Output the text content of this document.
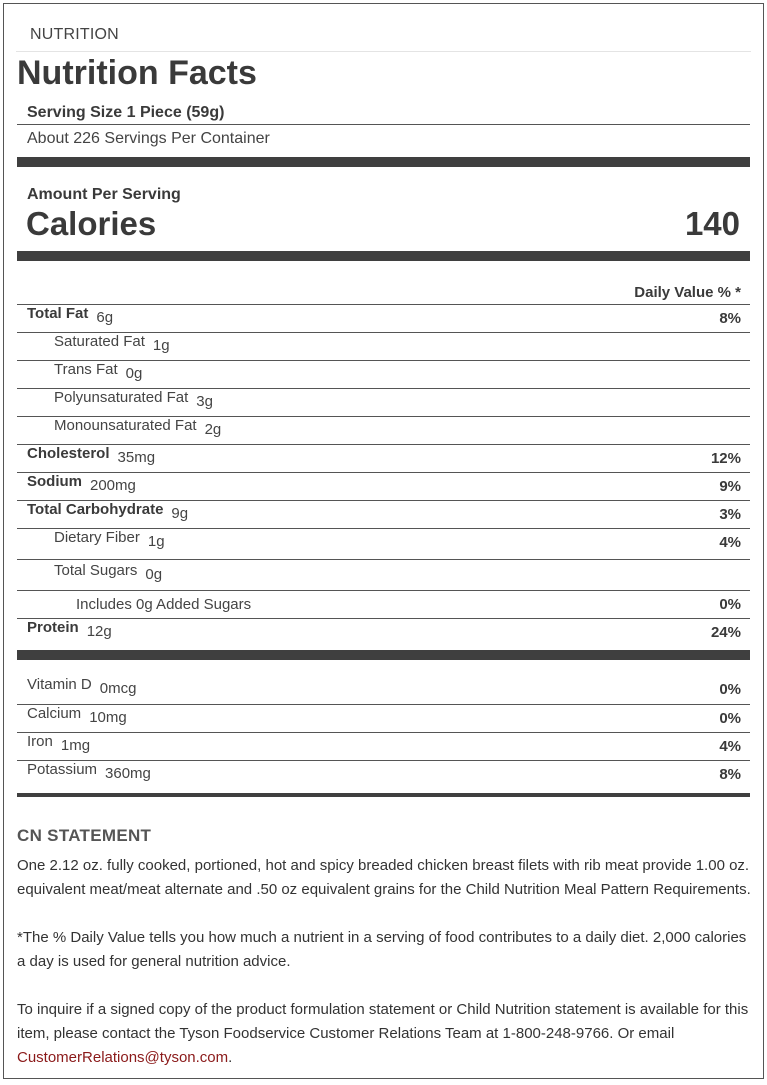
NUTRITION
Nutrition Facts
Serving Size 1 Piece (59g)
About 226 Servings Per Container
Amount Per Serving
Calories	140
Daily Value % *
Total Fat 6g	8%
Saturated Fat 1g
Trans Fat 0g
Polyunsaturated Fat 3g
Monounsaturated Fat 2g
Cholesterol 35mg	12%
Sodium 200mg	9%
Total Carbohydrate 9g	3%
Dietary Fiber 1g	4%
Total Sugars 0g
Includes 0g Added Sugars	0%
Protein 12g	24%
Vitamin D 0mcg	0%
Calcium 10mg	0%
Iron 1mg	4%
Potassium 360mg	8%
CN STATEMENT
One 2.12 oz. fully cooked, portioned, hot and spicy breaded chicken breast filets with rib meat provide 1.00 oz. equivalent meat/meat alternate and .50 oz equivalent grains for the Child Nutrition Meal Pattern Requirements.
*The % Daily Value tells you how much a nutrient in a serving of food contributes to a daily diet. 2,000 calories a day is used for general nutrition advice.
To inquire if a signed copy of the product formulation statement or Child Nutrition statement is available for this item, please contact the Tyson Foodservice Customer Relations Team at 1-800-248-9766. Or email CustomerRelations@tyson.com.
